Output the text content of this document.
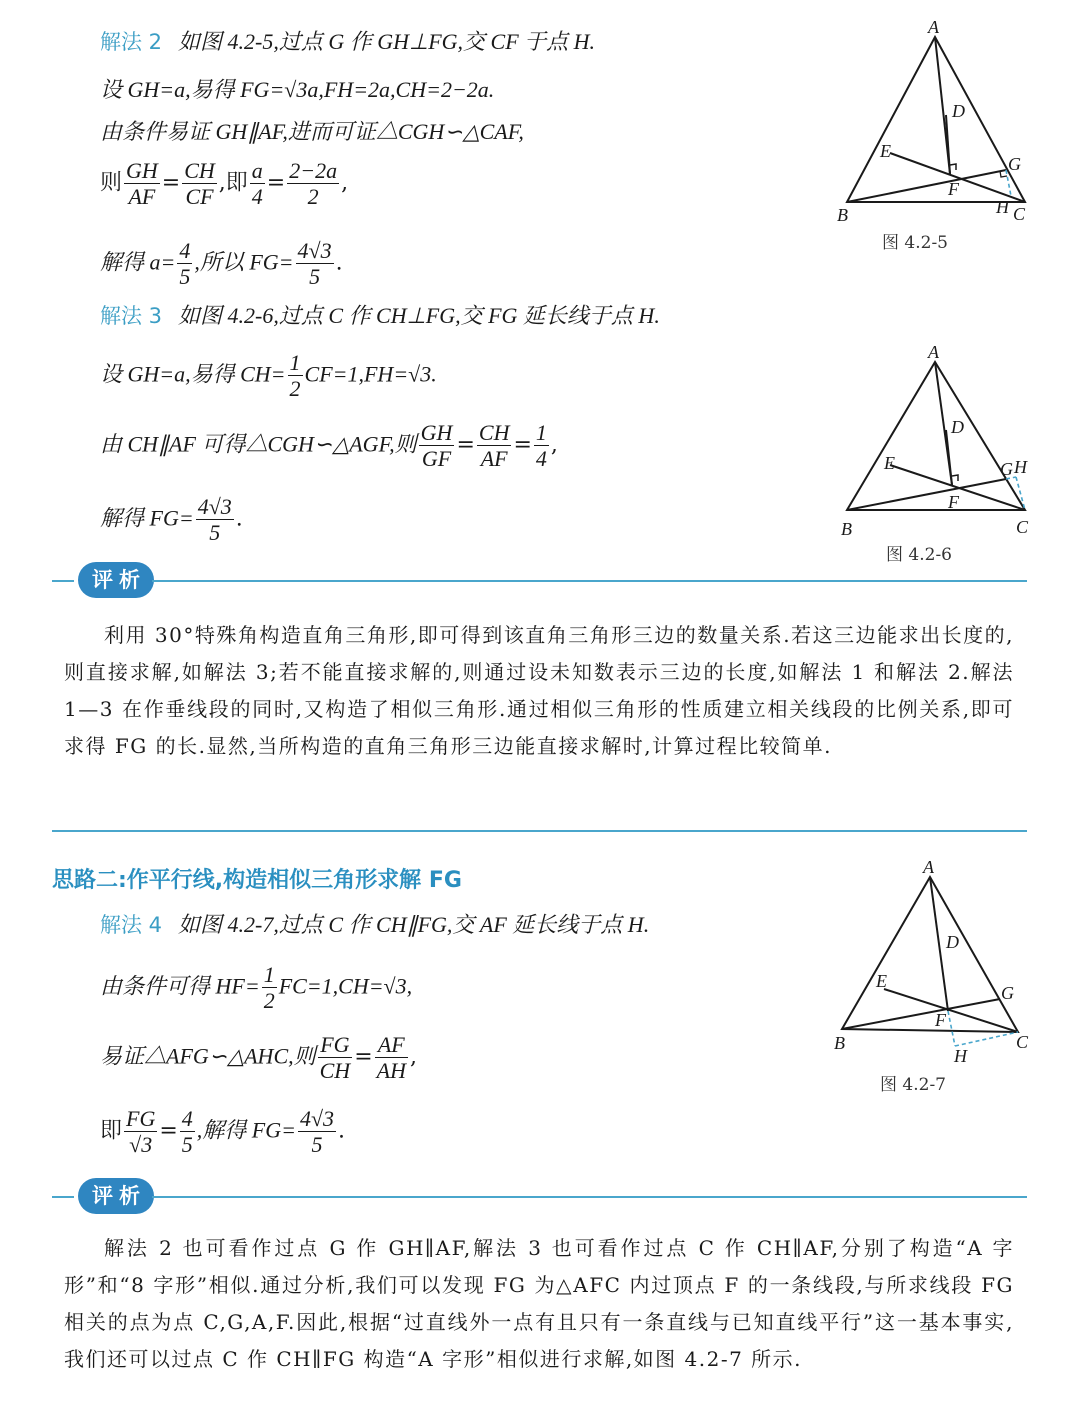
解法 2 如图 4.2-5,过点 G 作 GH⊥FG,交 CF 于点 H.
设 GH=a,易得 FG=√3a,FH=2a,CH=2−2a.
由条件易证 GH∥AF,进而可证△CGH∽△CAF,
则 $\frac{GH}{AF} = \frac{CH}{CF}$ ,即 $\frac{a}{4} = \frac{2-2a}{2}$ ,
解得 $a= \frac{4}{5}$ ,所以 $FG= \frac{4√3}{5}$ .
解法 3 如图 4.2-6,过点 C 作 CH⊥FG,交 FG 延长线于点 H.
设 GH=a,易得 $CH= \frac{1}{2} CF=1,FH=√3$.
由 CH∥AF 可得△CGH∽△AGF,则 $\frac{GH}{GF} = \frac{CH}{AF} = \frac{1}{4}$ ,
解得 $FG= \frac{4√3}{5}$ .
A
D
E
F
G
H
B	C
图 4.2-5
A
D
E
F
G H
B	C
图 4.2-6
评析
利用 30°特殊角构造直角三角形,即可得到该直角三角形三边的数量关系.若这三边能求出长度的,则直接求解,如解法 3;若不能直接求解的,则通过设未知数表示三边的长度,如解法 1 和解法 2.解法 1—3 在作垂线段的同时,又构造了相似三角形.通过相似三角形的性质建立相关线段的比例关系,即可求得 FG 的长.显然,当所构造的直角三角形三边能直接求解时,计算过程比较简单.
思路二:作平行线,构造相似三角形求解 FG
解法 4 如图 4.2-7,过点 C 作 CH∥FG,交 AF 延长线于点 H.
由条件可得 $HF= \frac{1}{2} FC=1,CH=√3$,
易证△AFG∽△AHC,则 $\frac{FG}{CH} = \frac{AF}{AH}$ ,
即 $\frac{FG}{√3} = \frac{4}{5}$ ,解得 $FG= \frac{4√3}{5}$ .
A
D
E
F
G
H
B	C
图 4.2-7
评析
解法 2 也可看作过点 G 作 GH∥AF,解法 3 也可看作过点 C 作 CH∥AF,分别了构造“A 字形”和“8 字形”相似.通过分析,我们可以发现 FG 为△AFC 内过顶点 F 的一条线段,与所求线段 FG 相关的点为点 C,G,A,F.因此,根据“过直线外一点有且只有一条直线与已知直线平行”这一基本事实,我们还可以过点 C 作 CH∥FG 构造“A 字形”相似进行求解,如图 4.2-7 所示.
